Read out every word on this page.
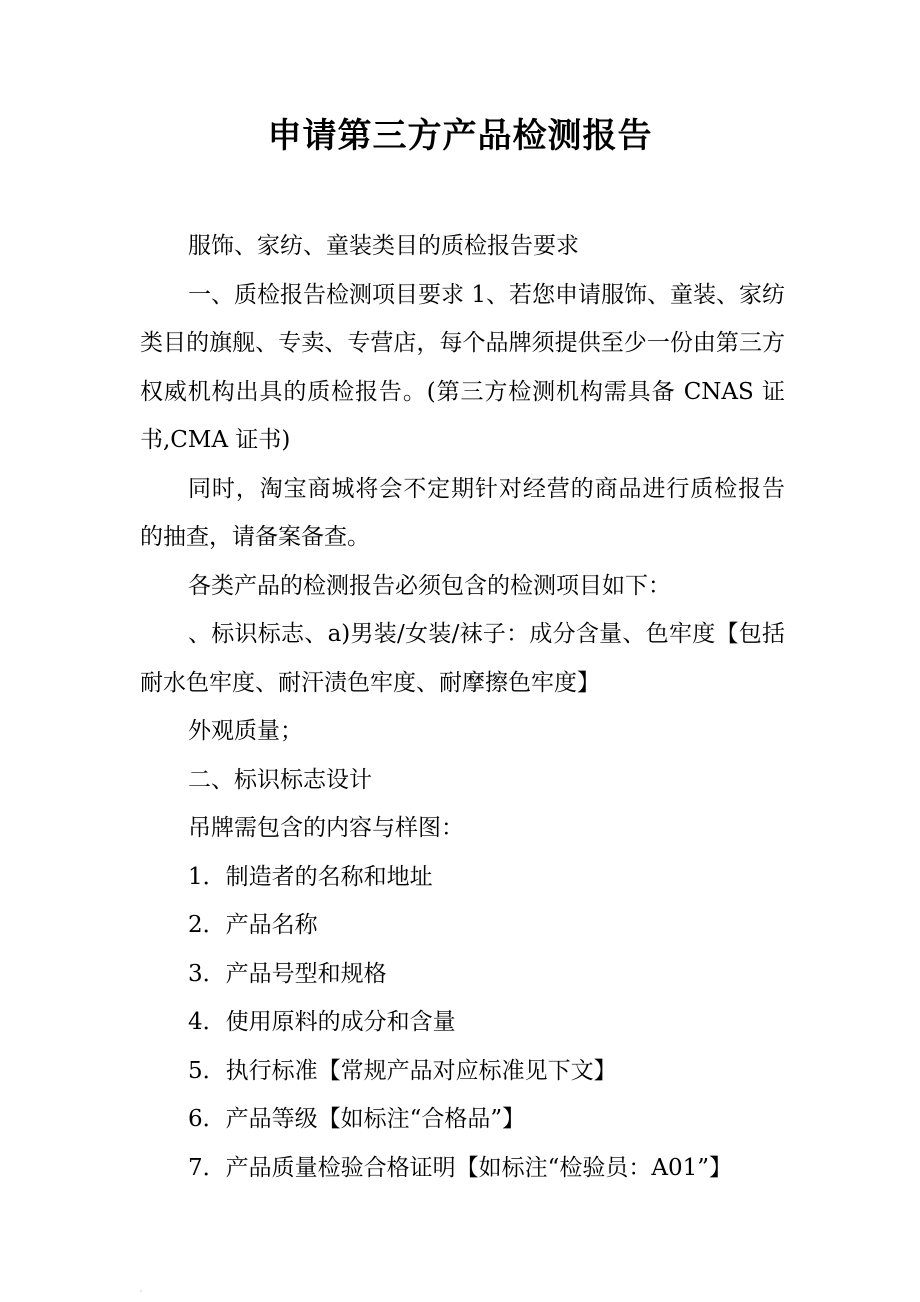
申请第三方产品检测报告

服饰、家纺、童装类目的质检报告要求

一、质检报告检测项目要求 1、若您申请服饰、童装、家纺类目的旗舰、专卖、专营店，每个品牌须提供至少一份由第三方权威机构出具的质检报告。(第三方检测机构需具备 CNAS 证书,CMA 证书)

同时，淘宝商城将会不定期针对经营的商品进行质检报告的抽查，请备案备查。

各类产品的检测报告必须包含的检测项目如下：

、标识标志、a)男装/女装/袜子：成分含量、色牢度【包括耐水色牢度、耐汗渍色牢度、耐摩擦色牢度】

外观质量；

二、标识标志设计

吊牌需包含的内容与样图：

1．制造者的名称和地址

2．产品名称

3．产品号型和规格

4．使用原料的成分和含量

5．执行标准【常规产品对应标准见下文】

6．产品等级【如标注“合格品”】

7．产品质量检验合格证明【如标注“检验员：A01”】
